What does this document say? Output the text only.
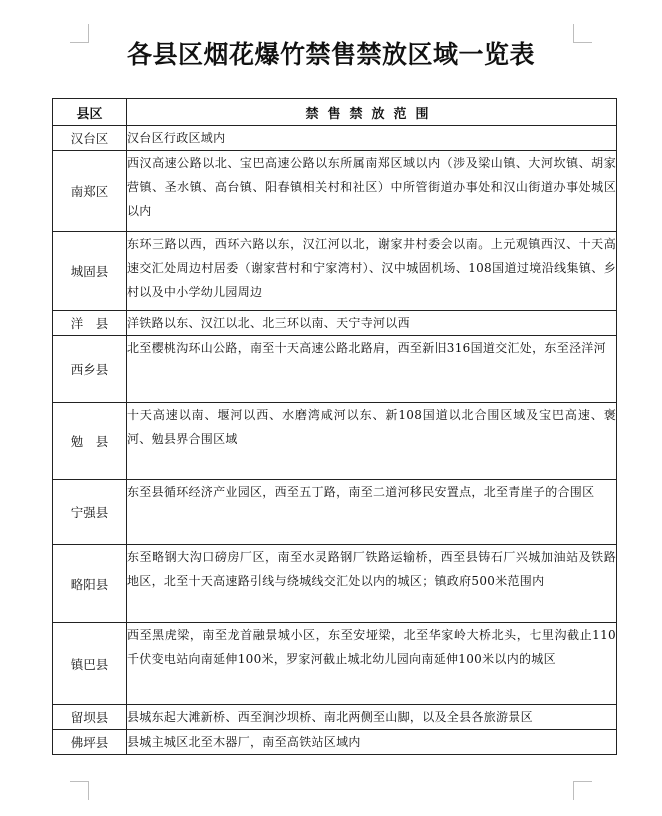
各县区烟花爆竹禁售禁放区域一览表
县区	禁售禁放范围
汉台区	汉台区行政区域内
南郑区	西汉高速公路以北、宝巴高速公路以东所属南郑区域以内（涉及梁山镇、大河坎镇、胡家营镇、圣水镇、高台镇、阳春镇相关村和社区）中所管街道办事处和汉山街道办事处城区以内
城固县	东环三路以西，西环六路以东，汉江河以北，谢家井村委会以南。上元观镇西汉、十天高速交汇处周边村居委（谢家营村和宁家湾村）、汉中城固机场、108国道过境沿线集镇、乡村以及中小学幼儿园周边
洋　县	洋铁路以东、汉江以北、北三环以南、天宁寺河以西
西乡县	北至樱桃沟环山公路，南至十天高速公路北路肩，西至新旧316国道交汇处，东至泾洋河
勉　县	十天高速以南、堰河以西、水磨湾咸河以东、新108国道以北合围区域及宝巴高速、褒河、勉县界合围区域
宁强县	东至县循环经济产业园区，西至五丁路，南至二道河移民安置点，北至青崖子的合围区
略阳县	东至略钢大沟口磅房厂区，南至水灵路钢厂铁路运输桥，西至县铸石厂兴城加油站及铁路地区，北至十天高速路引线与绕城线交汇处以内的城区；镇政府500米范围内
镇巴县	西至黑虎梁，南至龙首融景城小区，东至安垭梁，北至华家岭大桥北头，七里沟截止110千伏变电站向南延伸100米，罗家河截止城北幼儿园向南延伸100米以内的城区
留坝县	县城东起大滩新桥、西至涧沙坝桥、南北两侧至山脚，以及全县各旅游景区
佛坪县	县城主城区北至木器厂，南至高铁站区域内
